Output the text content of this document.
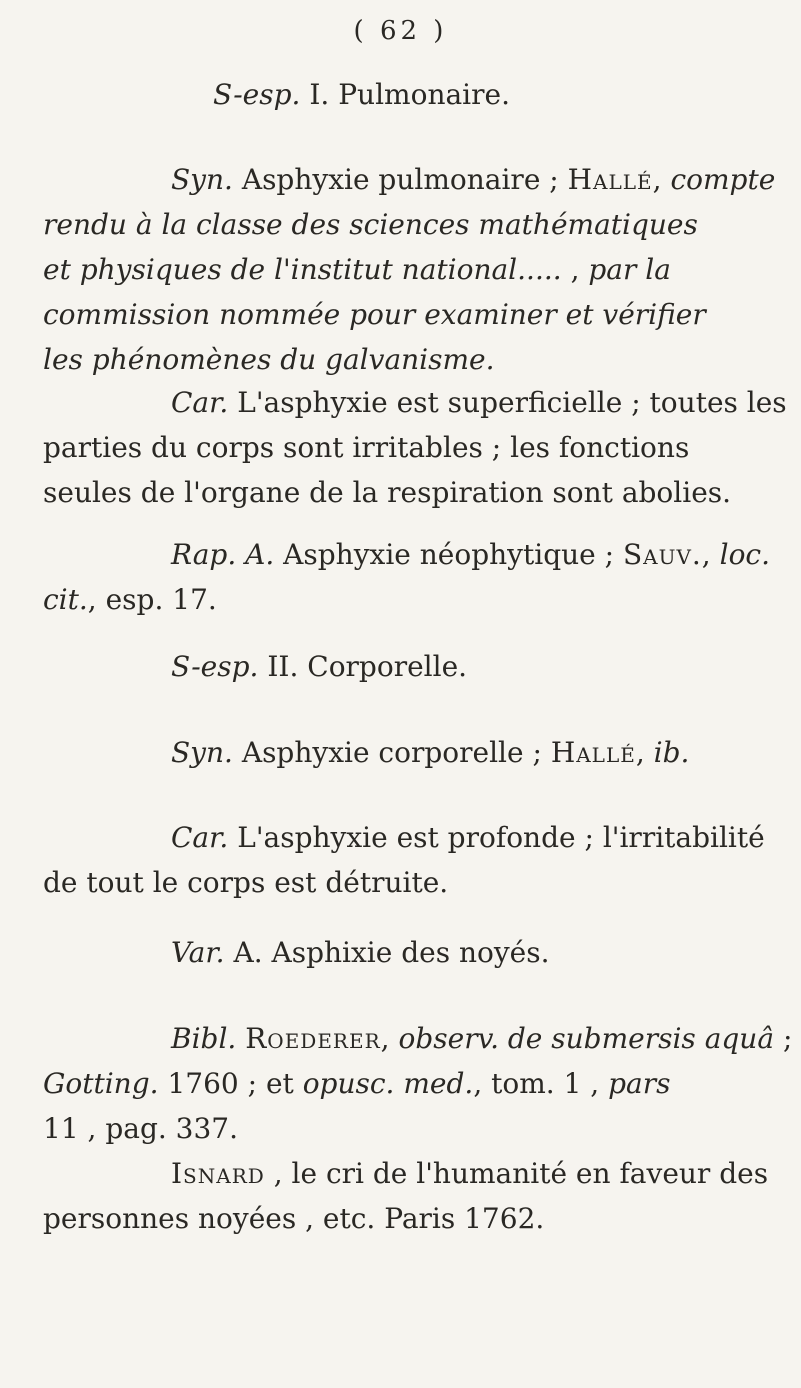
( 62 )
S-esp. I. Pulmonaire.
Syn. Asphyxie pulmonaire ; Hallé, compte
rendu à la classe des sciences mathématiques
et physiques de l'institut national..... , par la
commission nommée pour examiner et vérifier
les phénomènes du galvanisme.
Car. L'asphyxie est superficielle ; toutes les
parties du corps sont irritables ; les fonctions
seules de l'organe de la respiration sont abolies.
Rap. A. Asphyxie néophytique ; Sauv., loc.
cit., esp. 17.
S-esp. II. Corporelle.
Syn. Asphyxie corporelle ; Hallé, ib.
Car. L'asphyxie est profonde ; l'irritabilité
de tout le corps est détruite.
Var. A. Asphixie des noyés.
Bibl. Roederer, observ. de submersis aquâ ;
Gotting. 1760 ; et opusc. med., tom. 1 , pars
11 , pag. 337.
Isnard , le cri de l'humanité en faveur des
personnes noyées , etc. Paris 1762.
